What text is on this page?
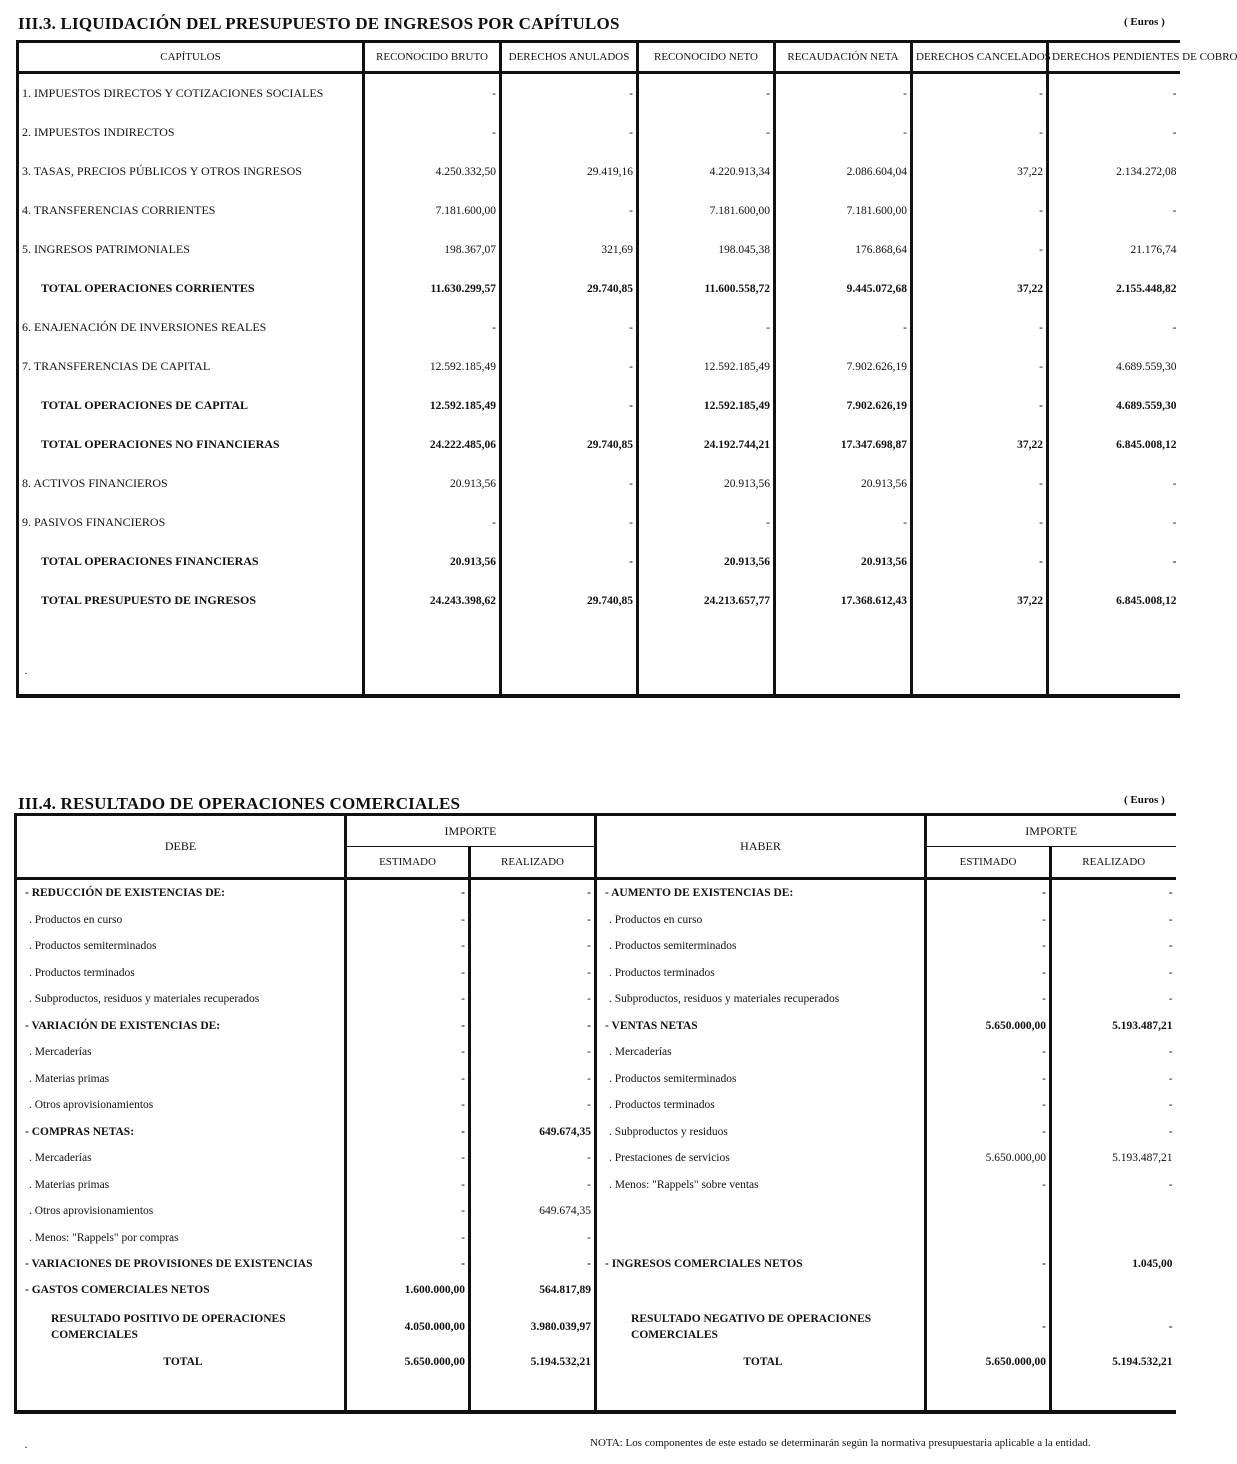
III.3. LIQUIDACIÓN DEL PRESUPUESTO DE INGRESOS POR CAPÍTULOS	( Euros )
CAPÍTULOS	RECONOCIDO BRUTO	DERECHOS ANULADOS	RECONOCIDO NETO	RECAUDACIÓN NETA	DERECHOS CANCELADOS	DERECHOS PENDIENTES DE COBRO
1. IMPUESTOS DIRECTOS Y COTIZACIONES SOCIALES	-	-	-	-	-	-
2. IMPUESTOS INDIRECTOS	-	-	-	-	-	-
3. TASAS, PRECIOS PÚBLICOS Y OTROS INGRESOS	4.250.332,50	29.419,16	4.220.913,34	2.086.604,04	37,22	2.134.272,08
4. TRANSFERENCIAS CORRIENTES	7.181.600,00	-	7.181.600,00	7.181.600,00	-	-
5. INGRESOS PATRIMONIALES	198.367,07	321,69	198.045,38	176.868,64	-	21.176,74
TOTAL OPERACIONES CORRIENTES	11.630.299,57	29.740,85	11.600.558,72	9.445.072,68	37,22	2.155.448,82
6. ENAJENACIÓN DE INVERSIONES REALES	-	-	-	-	-	-
7. TRANSFERENCIAS DE CAPITAL	12.592.185,49	-	12.592.185,49	7.902.626,19	-	4.689.559,30
TOTAL OPERACIONES DE CAPITAL	12.592.185,49	-	12.592.185,49	7.902.626,19	-	4.689.559,30
TOTAL OPERACIONES NO FINANCIERAS	24.222.485,06	29.740,85	24.192.744,21	17.347.698,87	37,22	6.845.008,12
8. ACTIVOS FINANCIEROS	20.913,56	-	20.913,56	20.913,56	-	-
9. PASIVOS FINANCIEROS	-	-	-	-	-	-
TOTAL OPERACIONES FINANCIERAS	20.913,56	-	20.913,56	20.913,56	-	-
TOTAL PRESUPUESTO DE INGRESOS	24.243.398,62	29.740,85	24.213.657,77	17.368.612,43	37,22	6.845.008,12

III.4. RESULTADO DE OPERACIONES COMERCIALES	( Euros )
DEBE	IMPORTE		HABER	IMPORTE	
	ESTIMADO	REALIZADO		ESTIMADO	REALIZADO
- REDUCCIÓN DE EXISTENCIAS DE:	-	-	- AUMENTO DE EXISTENCIAS DE:	-	-
. Productos en curso	-	-	. Productos en curso	-	-
. Productos semiterminados	-	-	. Productos semiterminados	-	-
. Productos terminados	-	-	. Productos terminados	-	-
. Subproductos, residuos y materiales recuperados	-	-	. Subproductos, residuos y materiales recuperados	-	-
- VARIACIÓN DE EXISTENCIAS DE:	-	-	- VENTAS NETAS	5.650.000,00	5.193.487,21
. Mercaderías	-	-	. Mercaderías	-	-
. Materias primas	-	-	. Productos semiterminados	-	-
. Otros aprovisionamientos	-	-	. Productos terminados	-	-
- COMPRAS NETAS:	-	649.674,35	. Subproductos y residuos	-	-
. Mercaderías	-	-	. Prestaciones de servicios	5.650.000,00	5.193.487,21
. Materias primas	-	-	. Menos: "Rappels" sobre ventas	-	-
. Otros aprovisionamientos	-	649.674,35			
. Menos: "Rappels" por compras	-	-			
- VARIACIONES DE PROVISIONES DE EXISTENCIAS	-	-	- INGRESOS COMERCIALES NETOS	-	1.045,00
- GASTOS COMERCIALES NETOS	1.600.000,00	564.817,89			
RESULTADO POSITIVO DE OPERACIONES COMERCIALES	4.050.000,00	3.980.039,97	RESULTADO NEGATIVO DE OPERACIONES COMERCIALES	-	-
TOTAL	5.650.000,00	5.194.532,21	TOTAL	5.650.000,00	5.194.532,21

NOTA: Los componentes de este estado se determinarán según la normativa presupuestaria aplicable a la entidad.
·
·
